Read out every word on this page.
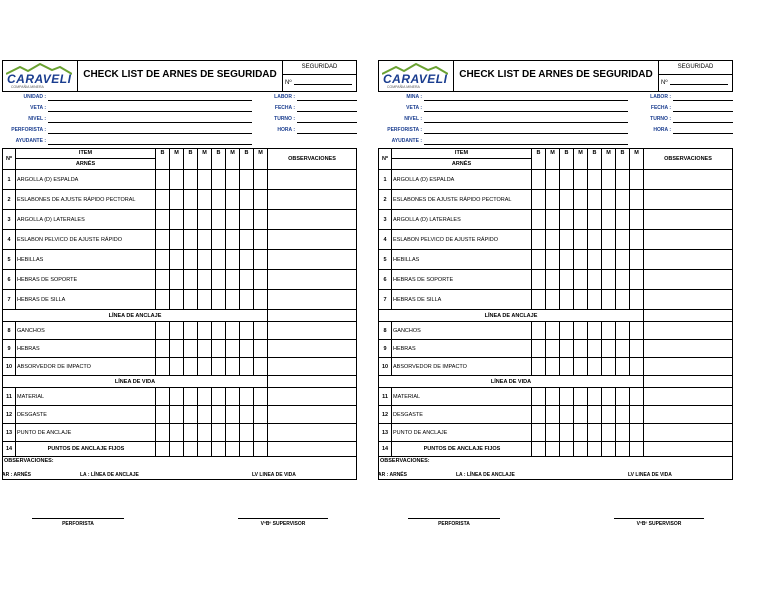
CARAVELI
COMPAÑIA MINERA
CHECK LIST DE ARNES DE SEGURIDAD
SEGURIDAD
Nº
UNIDAD :
VETA :
NIVEL :
PERFORISTA :
AYUDANTE :
LABOR :
FECHA :
TURNO :
HORA :
Nº
ITEM
ARNÉS
B	M	B	M	B	M	B	M
OBSERVACIONES
1	ARGOLLA (D) ESPALDA
2	ESLABONES DE AJUSTE RÁPIDO PECTORAL
3	ARGOLLA (D) LATERALES
4	ESLABON PELVICO DE AJUSTE RÁPIDO
5	HEBILLAS
6	HEBRAS DE SOPORTE
7	HEBRAS DE SILLA
LÍNEA DE ANCLAJE
8	GANCHOS
9	HEBRAS
10 ABSORVEDOR DE IMPACTO
LÍNEA DE VIDA
11 MATERIAL
12 DESGASTE
13 PUNTO DE ANCLAJE
14	PUNTOS DE ANCLAJE FIJOS
OBSERVACIONES:
AR : ARNÉS	LA : LÍNEA DE ANCLAJE	LV LINEA DE VIDA
PERFORISTA	VºBº SUPERVISOR
CARAVELI
COMPAÑIA MINERA
CHECK LIST DE ARNES DE SEGURIDAD
SEGURIDAD
Nº
MINA :
VETA :
NIVEL :
PERFORISTA :
AYUDANTE :
LABOR :
FECHA :
TURNO :
HORA :
Nº
ITEM
ARNÉS
B	M	B	M	B	M	B	M
OBSERVACIONES
1	ARGOLLA (D) ESPALDA
2	ESLABONES DE AJUSTE RÁPIDO PECTORAL
3	ARGOLLA (D) LATERALES
4	ESLABON PELVICO DE AJUSTE RÁPIDO
5	HEBILLAS
6	HEBRAS DE SOPORTE
7	HEBRAS DE SILLA
LÍNEA DE ANCLAJE
8	GANCHOS
9	HEBRAS
10 ABSORVEDOR DE IMPACTO
LÍNEA DE VIDA
11 MATERIAL
12 DESGASTE
13 PUNTO DE ANCLAJE
14	PUNTOS DE ANCLAJE FIJOS
OBSERVACIONES:
AR : ARNÉS	LA : LÍNEA DE ANCLAJE	LV LINEA DE VIDA
PERFORISTA	VºBº SUPERVISOR
